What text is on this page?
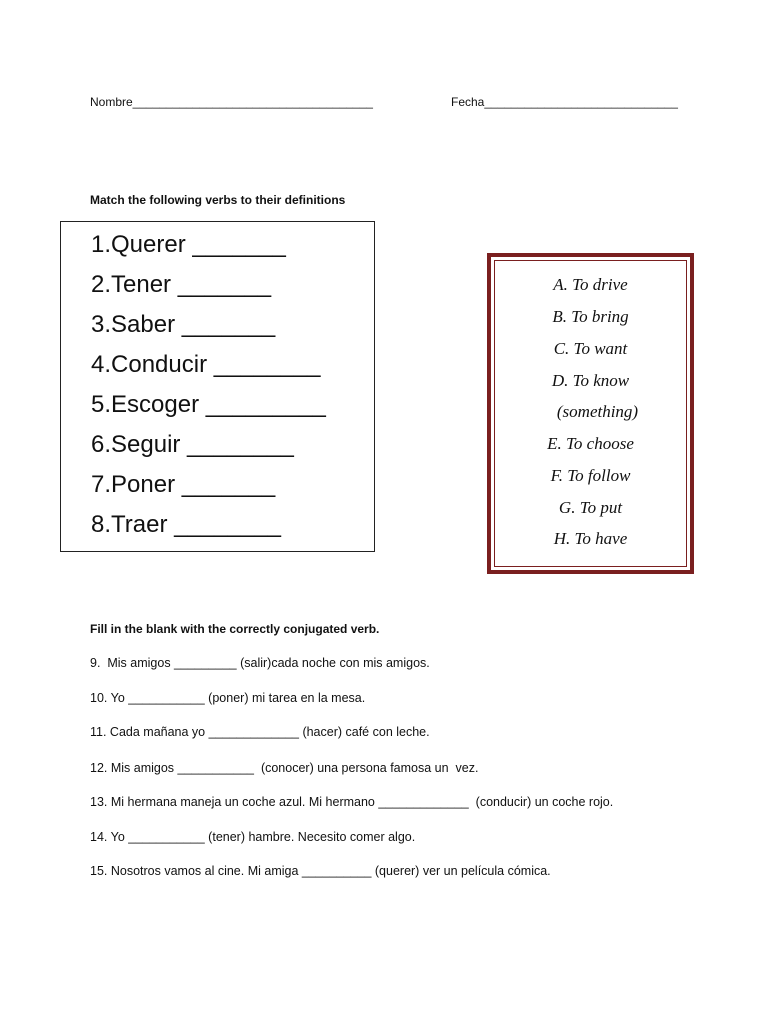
Nombre____________________________________	Fecha_____________________________
Match the following verbs to their definitions
1.Querer _______
2.Tener _______
3.Saber _______
4.Conducir ________
5.Escoger _________
6.Seguir ________
7.Poner _______
8.Traer ________
A. To drive
B. To bring
C. To want
D. To know
(something)
E. To choose
F. To follow
G. To put
H. To have
Fill in the blank with the correctly conjugated verb.
9.  Mis amigos _________ (salir)cada noche con mis amigos.
10. Yo ___________ (poner) mi tarea en la mesa.
11. Cada mañana yo _____________ (hacer) café con leche.
12. Mis amigos ___________  (conocer) una persona famosa un  vez.
13. Mi hermana maneja un coche azul. Mi hermano _____________  (conducir) un coche rojo.
14. Yo ___________ (tener) hambre. Necesito comer algo.
15. Nosotros vamos al cine. Mi amiga __________ (querer) ver un película cómica.
